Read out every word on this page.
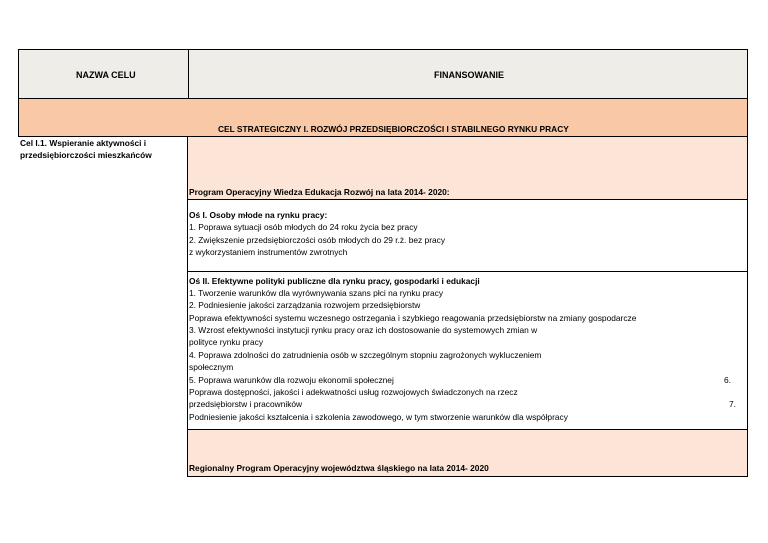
NAZWA CELU	FINANSOWANIE
CEL STRATEGICZNY I. ROZWÓJ PRZEDSIĘBIORCZOŚCI I STABILNEGO RYNKU PRACY
Cel I.1. Wspieranie aktywności i
przedsiębiorczości mieszkańców
Program Operacyjny Wiedza Edukacja Rozwój na lata 2014- 2020:
Oś I. Osoby młode na rynku pracy:
1. Poprawa sytuacji osób młodych do 24 roku życia bez pracy
2. Zwiększenie przedsiębiorczości osób młodych do 29 r.ż. bez pracy
z wykorzystaniem instrumentów zwrotnych
Oś II. Efektywne polityki publiczne dla rynku pracy, gospodarki i edukacji
1. Tworzenie warunków dla wyrównywania szans płci na rynku pracy
2. Podniesienie jakości zarządzania rozwojem przedsiębiorstw
Poprawa efektywności systemu wczesnego ostrzegania i szybkiego reagowania przedsiębiorstw na zmiany gospodarcze
3. Wzrost efektywności instytucji rynku pracy oraz ich dostosowanie do systemowych zmian w
polityce rynku pracy
4. Poprawa zdolności do zatrudnienia osób w szczególnym stopniu zagrożonych wykluczeniem
społecznym
5. Poprawa warunków dla rozwoju ekonomii społecznej
Poprawa dostępności, jakości i adekwatności usług rozwojowych świadczonych na rzecz
przedsiębiorstw i pracowników
Podniesienie jakości kształcenia i szkolenia zawodowego, w tym stworzenie warunków dla współpracy
6.
7.
Regionalny Program Operacyjny województwa śląskiego na lata 2014- 2020
